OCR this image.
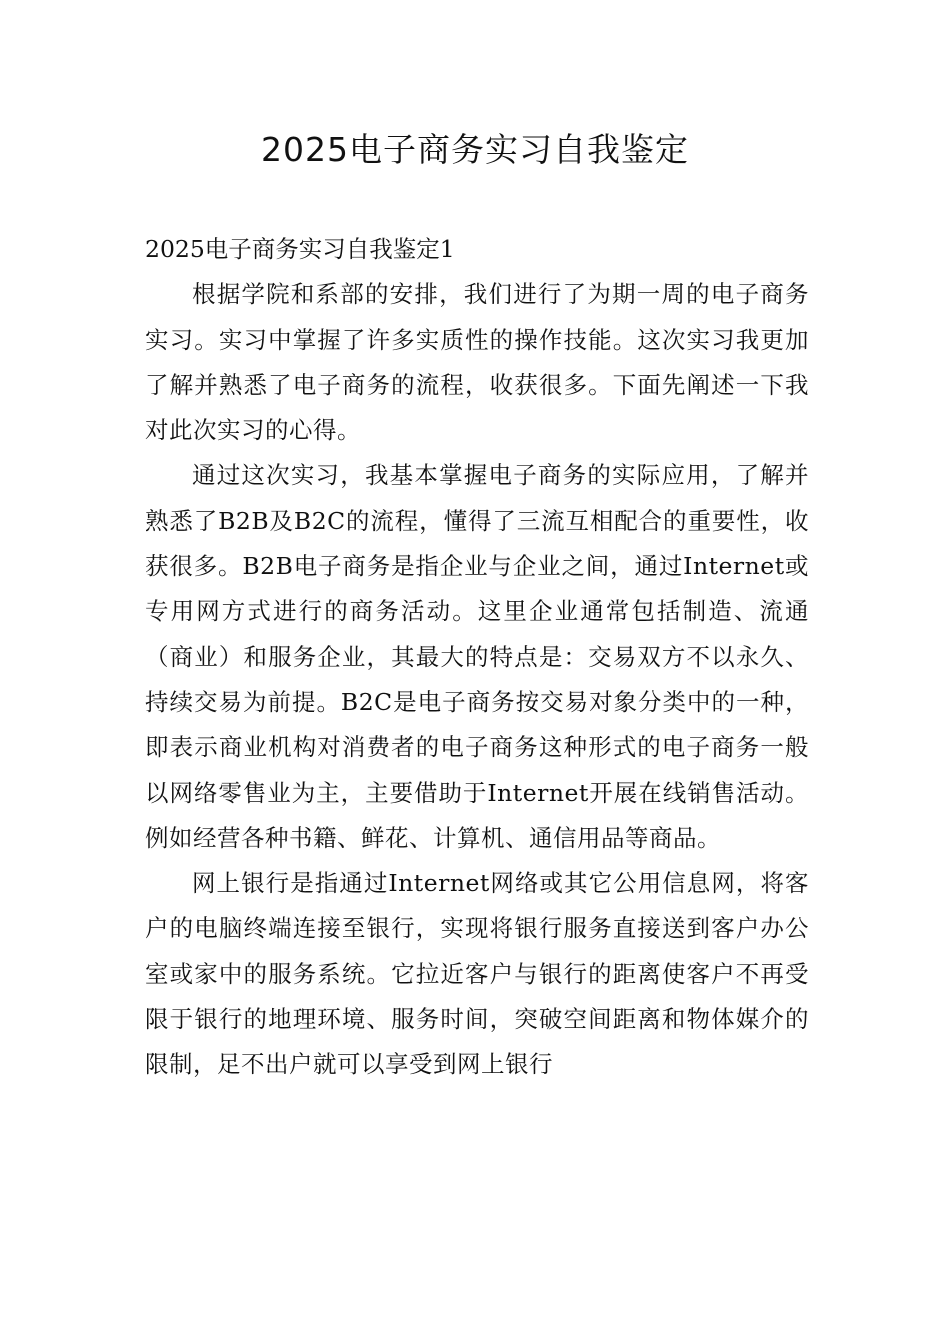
2025电子商务实习自我鉴定
2025电子商务实习自我鉴定1

根据学院和系部的安排，我们进行了为期一周的电子商务实习。实习中掌握了许多实质性的操作技能。这次实习我更加了解并熟悉了电子商务的流程，收获很多。下面先阐述一下我对此次实习的心得。

通过这次实习，我基本掌握电子商务的实际应用，了解并熟悉了B2B及B2C的流程，懂得了三流互相配合的重要性，收获很多。B2B电子商务是指企业与企业之间，通过Internet或专用网方式进行的商务活动。这里企业通常包括制造、流通（商业）和服务企业，其最大的特点是：交易双方不以永久、持续交易为前提。B2C是电子商务按交易对象分类中的一种，即表示商业机构对消费者的电子商务这种形式的电子商务一般以网络零售业为主，主要借助于Internet开展在线销售活动。例如经营各种书籍、鲜花、计算机、通信用品等商品。

网上银行是指通过Internet网络或其它公用信息网，将客户的电脑终端连接至银行，实现将银行服务直接送到客户办公室或家中的服务系统。它拉近客户与银行的距离使客户不再受限于银行的地理环境、服务时间，突破空间距离和物体媒介的限制，足不出户就可以享受到网上银行
